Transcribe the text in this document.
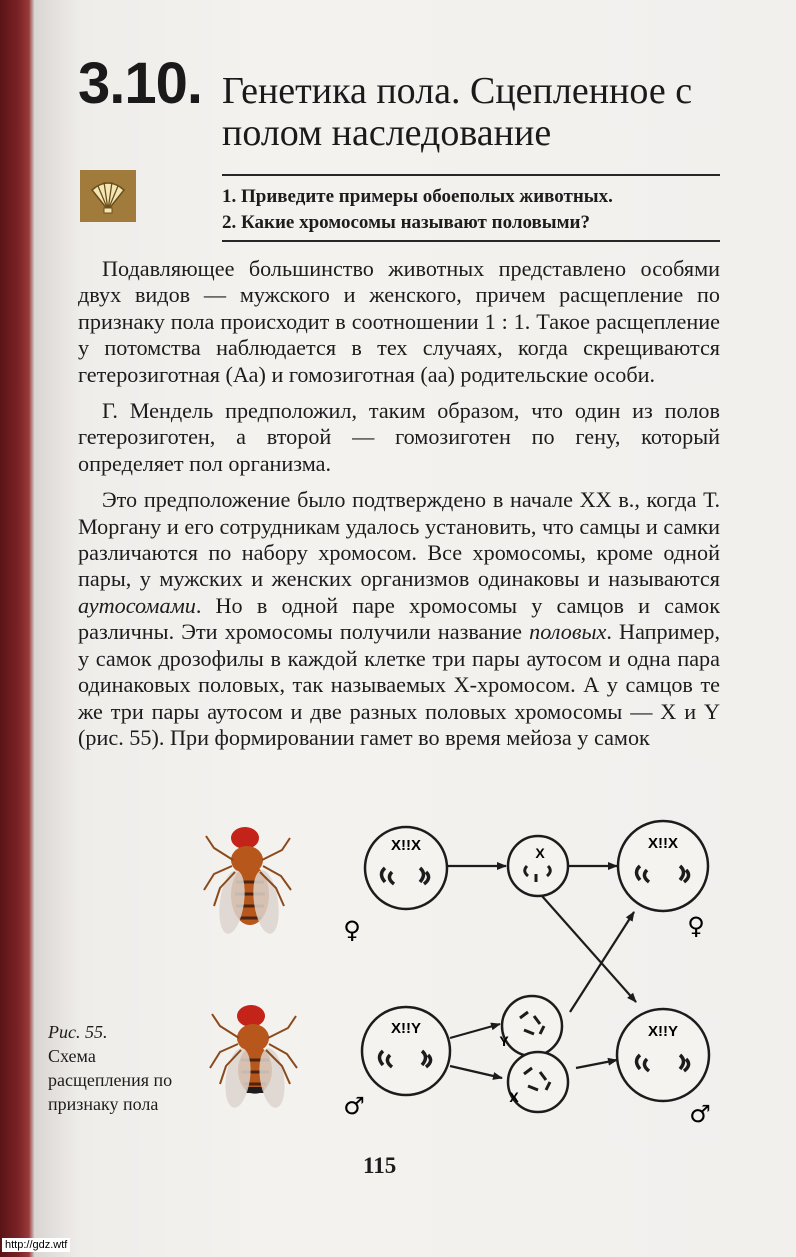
3.10. Генетика пола. Сцепленное с полом наследование
1. Приведите примеры обоеполых животных.
2. Какие хромосомы называют половыми?

Подавляющее большинство животных представлено особями двух видов — мужского и женского, причем расщепление по признаку пола происходит в соотношении 1 : 1. Такое расщепление у потомства наблюдается в тех случаях, когда скрещиваются гетерозиготная (Аа) и гомозиготная (аа) родительские особи.

Г. Мендель предположил, таким образом, что один из полов гетерозиготен, а второй — гомозиготен по гену, который определяет пол организма.

Это предположение было подтверждено в начале XX в., когда Т. Моргану и его сотрудникам удалось установить, что самцы и самки различаются по набору хромосом. Все хромосомы, кроме одной пары, у мужских и женских организмов одинаковы и называются аутосомами. Но в одной паре хромосомы у самцов и самок различны. Эти хромосомы получили название половых. Например, у самок дрозофилы в каждой клетке три пары аутосом и одна пара одинаковых половых, так называемых X-хромосом. А у самцов те же три пары аутосом и две разных половых хромосомы — X и Y (рис. 55). При формировании гамет во время мейоза у самок

X!!X	X
X!!X
X!!Y
Y
X
X!!Y
♀	♀
♂	♂
Рис. 55.
Схема расщепления по признаку пола
115
http://gdz.wtf
